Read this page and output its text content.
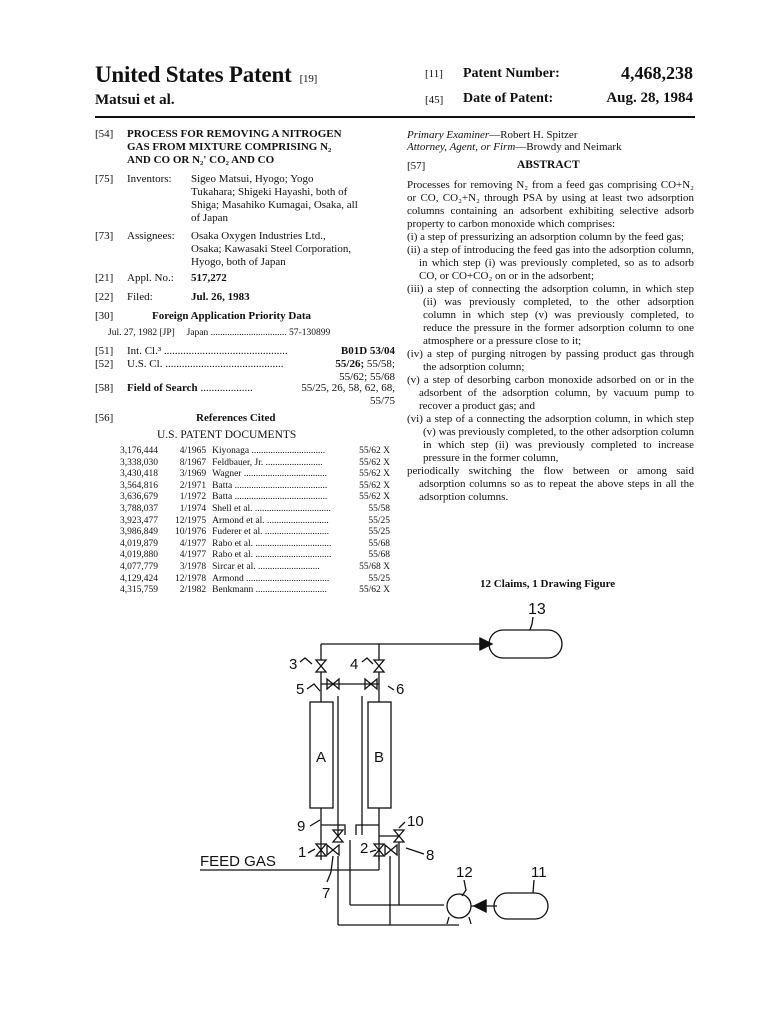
United States Patent [19]
Matsui et al.
[11] Patent Number:	4,468,238
[45] Date of Patent:	Aug. 28, 1984
[54] PROCESS FOR REMOVING A NITROGEN
GAS FROM MIXTURE COMPRISING N₂
AND CO OR N₂' CO₂ AND CO
[75] Inventors: Sigeo Matsui, Hyogo; Yogo
Tukahara; Shigeki Hayashi, both of
Shiga; Masahiko Kumagai, Osaka, all
of Japan
[73] Assignees: Osaka Oxygen Industries Ltd.,
Osaka; Kawasaki Steel Corporation,
Hyogo, both of Japan
[21] Appl. No.: 517,272
[22] Filed:	Jul. 26, 1983
[30]	Foreign Application Priority Data
Jul. 27, 1982 [JP]     Japan ................................ 57-130899
[51] Int. Cl.³ .............................................	B01D 53/04
[52] U.S. Cl. ...........................................	55/26; 55/58;
55/62; 55/68
[58] Field of Search ...................	55/25, 26, 58, 62, 68,
55/75
[56]	References Cited
U.S. PATENT DOCUMENTS
3,176,444	4/1965 Kiyonaga ...............................	55/62 X
3,338,030	8/1967 Feldbauer, Jr. ........................	55/62 X
3,430,418	3/1969 Wagner ...................................	55/62 X
3,564,816	2/1971 Batta .......................................	55/62 X
3,636,679	1/1972 Batta .......................................	55/62 X
3,788,037	1/1974 Shell et al. ................................	55/58
3,923,477	12/1975 Armond et al. ..........................	55/25
3,986,849	10/1976 Fuderer et al. ...........................	55/25
4,019,879	4/1977 Rabo et al. ................................	55/68
4,019,880	4/1977 Rabo et al. ................................	55/68
4,077,779	3/1978 Sircar et al. ..........................	55/68 X
4,129,424	12/1978 Armond ...................................	55/25
4,315,759	2/1982 Benkmann ..............................	55/62 X
Primary Examiner—Robert H. Spitzer
Attorney, Agent, or Firm—Browdy and Neimark
[57]	ABSTRACT

Processes for removing N₂ from a feed gas comprising CO+N₂ or CO, CO₂+N₂ through PSA by using at least two adsorption columns containing an adsorbent exhibiting selective adsorb property to carbon monoxide which comprises:

(i) a step of pressurizing an adsorption column by the feed gas;

(ii) a step of introducing the feed gas into the adsorption column, in which step (i) was previously completed, so as to adsorb CO, or CO+CO₂ on or in the adsorbent;

(iii) a step of connecting the adsorption column, in which step (ii) was previously completed, to the other adsorption column in which step (v) was previously completed, to reduce the pressure in the former adsorption column to one atmosphere or a pressure close to it;

(iv) a step of purging nitrogen by passing product gas through the adsorption column;

(v) a step of desorbing carbon monoxide adsorbed on or in the adsorbent of the adsorption column, by vacuum pump to recover a product gas; and

(vi) a step of a connecting the adsorption column, in which step (v) was previously completed, to the other adsorption column in which step (ii) was previously completed to increase pressure in the former column,

periodically switching the flow between or among said adsorption columns so as to repeat the above steps in all the adsorption columns.

12 Claims, 1 Drawing Figure
13
3	4
5	6
A	B
9	10
1	2	8
7
FEED GAS
12	11
